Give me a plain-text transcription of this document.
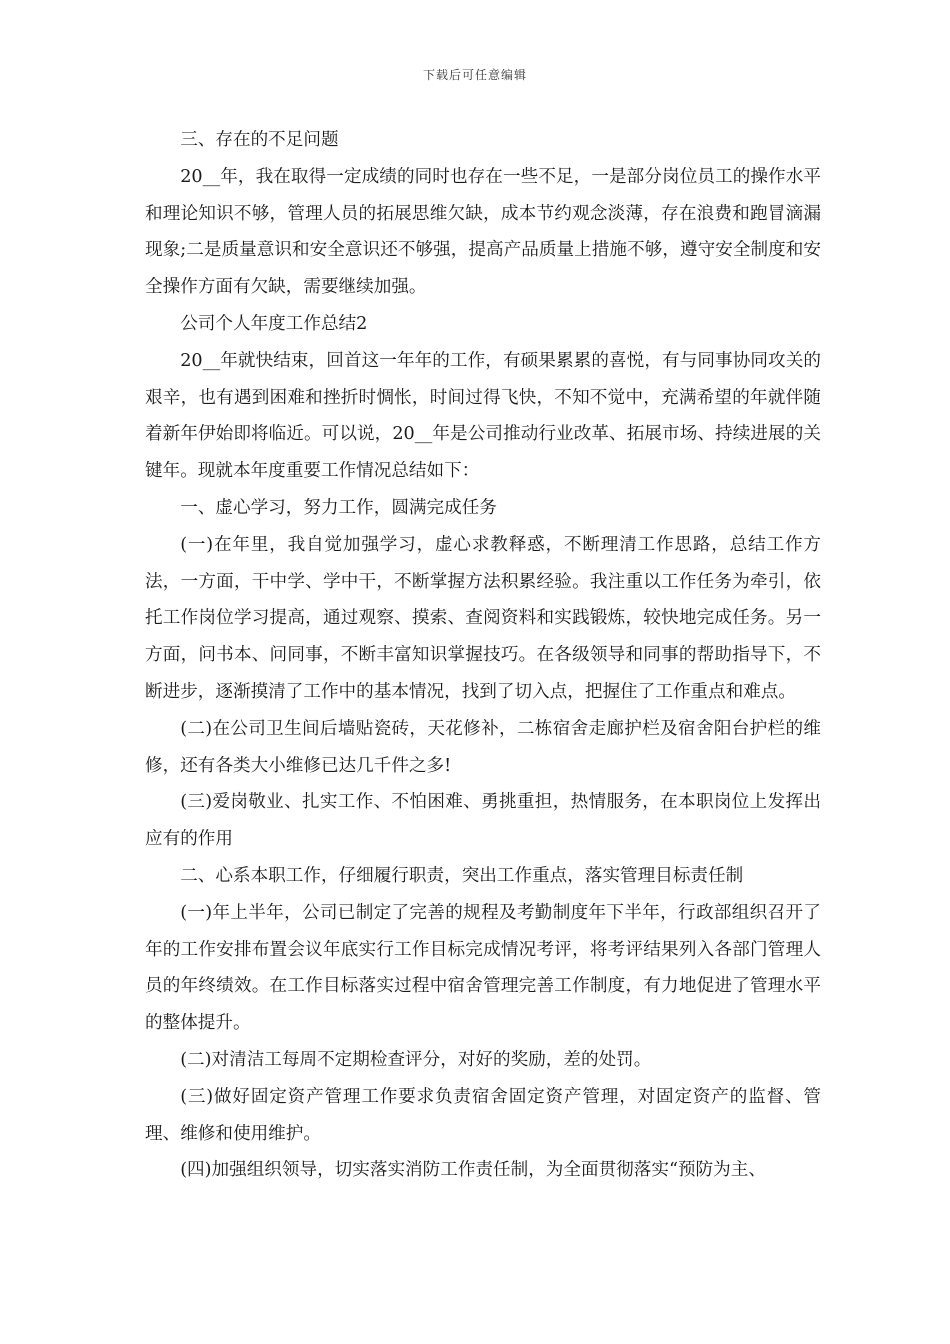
下载后可任意编辑

三、存在的不足问题

20__年，我在取得一定成绩的同时也存在一些不足，一是部分岗位员工的操作水平和理论知识不够，管理人员的拓展思维欠缺，成本节约观念淡薄，存在浪费和跑冒滴漏现象;二是质量意识和安全意识还不够强，提高产品质量上措施不够，遵守安全制度和安全操作方面有欠缺，需要继续加强。

公司个人年度工作总结2

20__年就快结束，回首这一年年的工作，有硕果累累的喜悦，有与同事协同攻关的艰辛，也有遇到困难和挫折时惆怅，时间过得飞快，不知不觉中，充满希望的年就伴随着新年伊始即将临近。可以说，20__年是公司推动行业改革、拓展市场、持续进展的关键年。现就本年度重要工作情况总结如下：

一、虚心学习，努力工作，圆满完成任务

(一)在年里，我自觉加强学习，虚心求教释惑，不断理清工作思路，总结工作方法，一方面，干中学、学中干，不断掌握方法积累经验。我注重以工作任务为牵引，依托工作岗位学习提高，通过观察、摸索、查阅资料和实践锻炼，较快地完成任务。另一方面，问书本、问同事，不断丰富知识掌握技巧。在各级领导和同事的帮助指导下，不断进步，逐渐摸清了工作中的基本情况，找到了切入点，把握住了工作重点和难点。

(二)在公司卫生间后墙贴瓷砖，天花修补，二栋宿舍走廊护栏及宿舍阳台护栏的维修，还有各类大小维修已达几千件之多!

(三)爱岗敬业、扎实工作、不怕困难、勇挑重担，热情服务，在本职岗位上发挥出应有的作用

二、心系本职工作，仔细履行职责，突出工作重点，落实管理目标责任制

(一)年上半年，公司已制定了完善的规程及考勤制度年下半年，行政部组织召开了年的工作安排布置会议年底实行工作目标完成情况考评，将考评结果列入各部门管理人员的年终绩效。在工作目标落实过程中宿舍管理完善工作制度，有力地促进了管理水平的整体提升。

(二)对清洁工每周不定期检查评分，对好的奖励，差的处罚。

(三)做好固定资产管理工作要求负责宿舍固定资产管理，对固定资产的监督、管理、维修和使用维护。

(四)加强组织领导，切实落实消防工作责任制，为全面贯彻落实“预防为主、
